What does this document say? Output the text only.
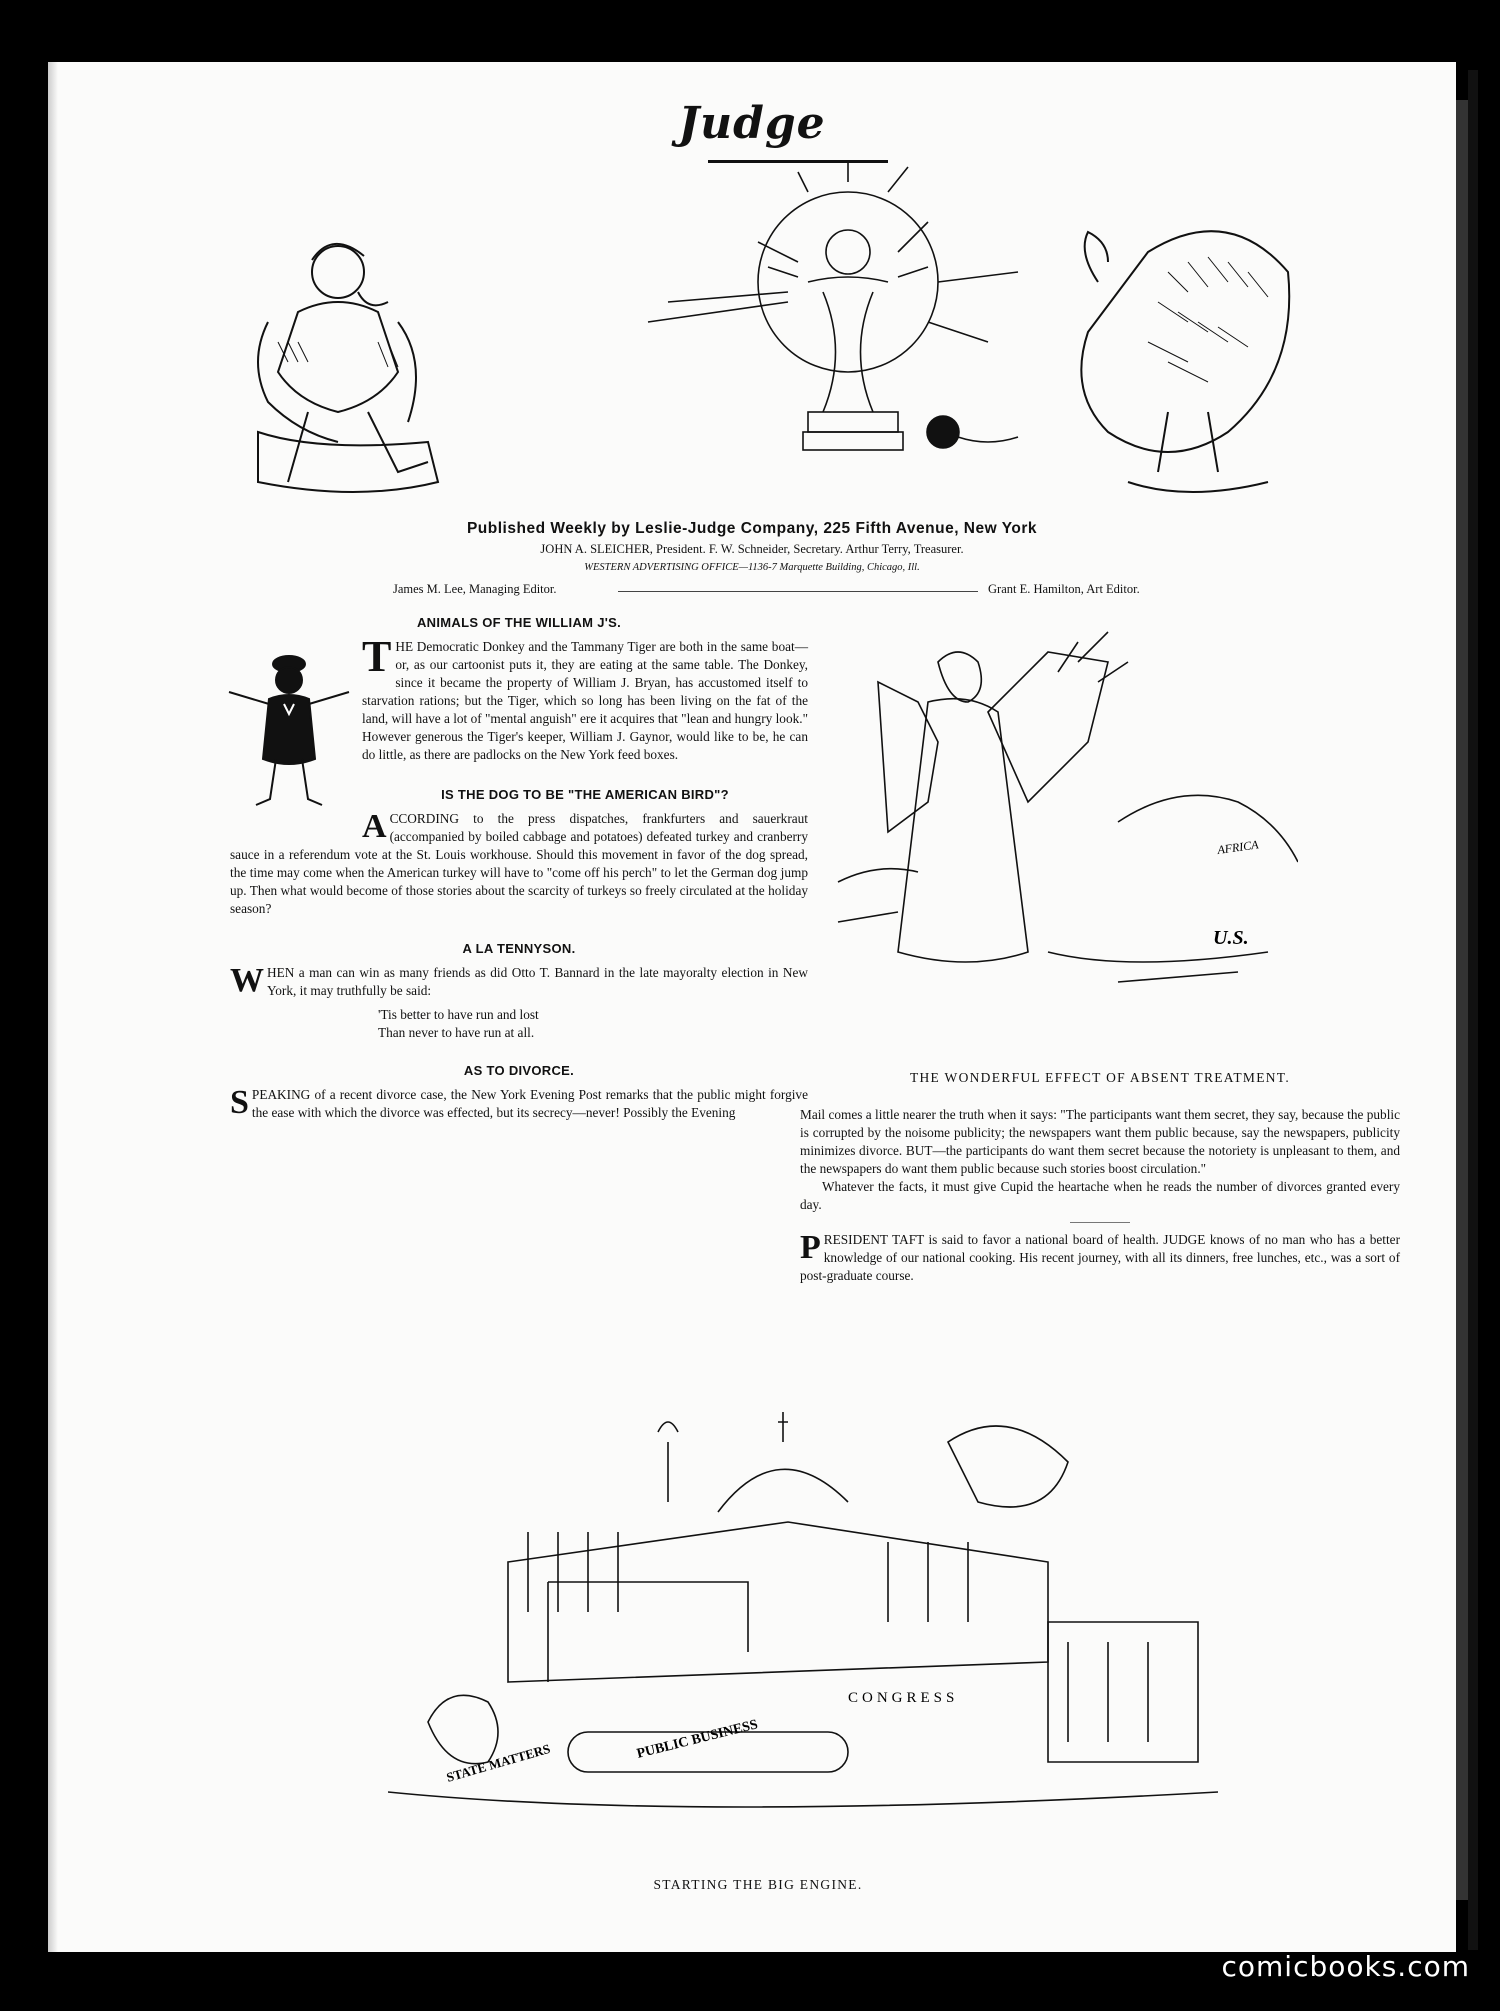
Judge
Published Weekly by Leslie-Judge Company, 225 Fifth Avenue, New York
JOHN A. SLEICHER, President. F. W. Schneider, Secretary. Arthur Terry, Treasurer.
WESTERN ADVERTISING OFFICE—1136-7 Marquette Building, Chicago, Ill.
James M. Lee, Managing Editor.	Grant E. Hamilton, Art Editor.
ANIMALS OF THE WILLIAM J'S.
T HE Democratic Donkey and the Tammany Tiger are both in the same boat—or, as our cartoonist puts it, they are eating at the same table. The Donkey, since it became the property of William J. Bryan, has accustomed itself to starvation rations; but the Tiger, which so long has been living on the fat of the land, will have a lot of "mental anguish" ere it acquires that "lean and hungry look." However generous the Tiger's keeper, William J. Gaynor, would like to be, he can do little, as there are padlocks on the New York feed boxes.

IS THE DOG TO BE "THE AMERICAN BIRD"?
A CCORDING to the press dispatches, frankfurters and sauerkraut (accompanied by boiled cabbage and potatoes) defeated turkey and cranberry sauce in a referendum vote at the St. Louis workhouse. Should this movement in favor of the dog spread, the time may come when the American turkey will have to "come off his perch" to let the German dog jump up. Then what would become of those stories about the scarcity of turkeys so freely circulated at the holiday season?

A LA TENNYSON.
W HEN a man can win as many friends as did Otto T. Bannard in the late mayoralty election in New York, it may truthfully be said:

'Tis better to have run and lost
Than never to have run at all.
AS TO DIVORCE.
S PEAKING of a recent divorce case, the New York Evening Post remarks that the public might forgive the ease with which the divorce was effected, but its secrecy—never! Possibly the Evening

AFRICA
U.S.
THE WONDERFUL EFFECT OF ABSENT TREATMENT.

Mail comes a little nearer the truth when it says: "The participants want them secret, they say, because the public is corrupted by the noisome publicity; the newspapers want them public because, say the newspapers, publicity minimizes divorce. BUT—the participants do want them secret because the notoriety is unpleasant to them, and the newspapers do want them public because such stories boost circulation."

Whatever the facts, it must give Cupid the heartache when he reads the number of divorces granted every day.

P RESIDENT TAFT is said to favor a national board of health. JUDGE knows of no man who has a better knowledge of our national cooking. His recent journey, with all its dinners, free lunches, etc., was a sort of post-graduate course.

CONGRESS
PUBLIC BUSINESS
STATE MATTERS
STARTING THE BIG ENGINE.
comicbooks.com
